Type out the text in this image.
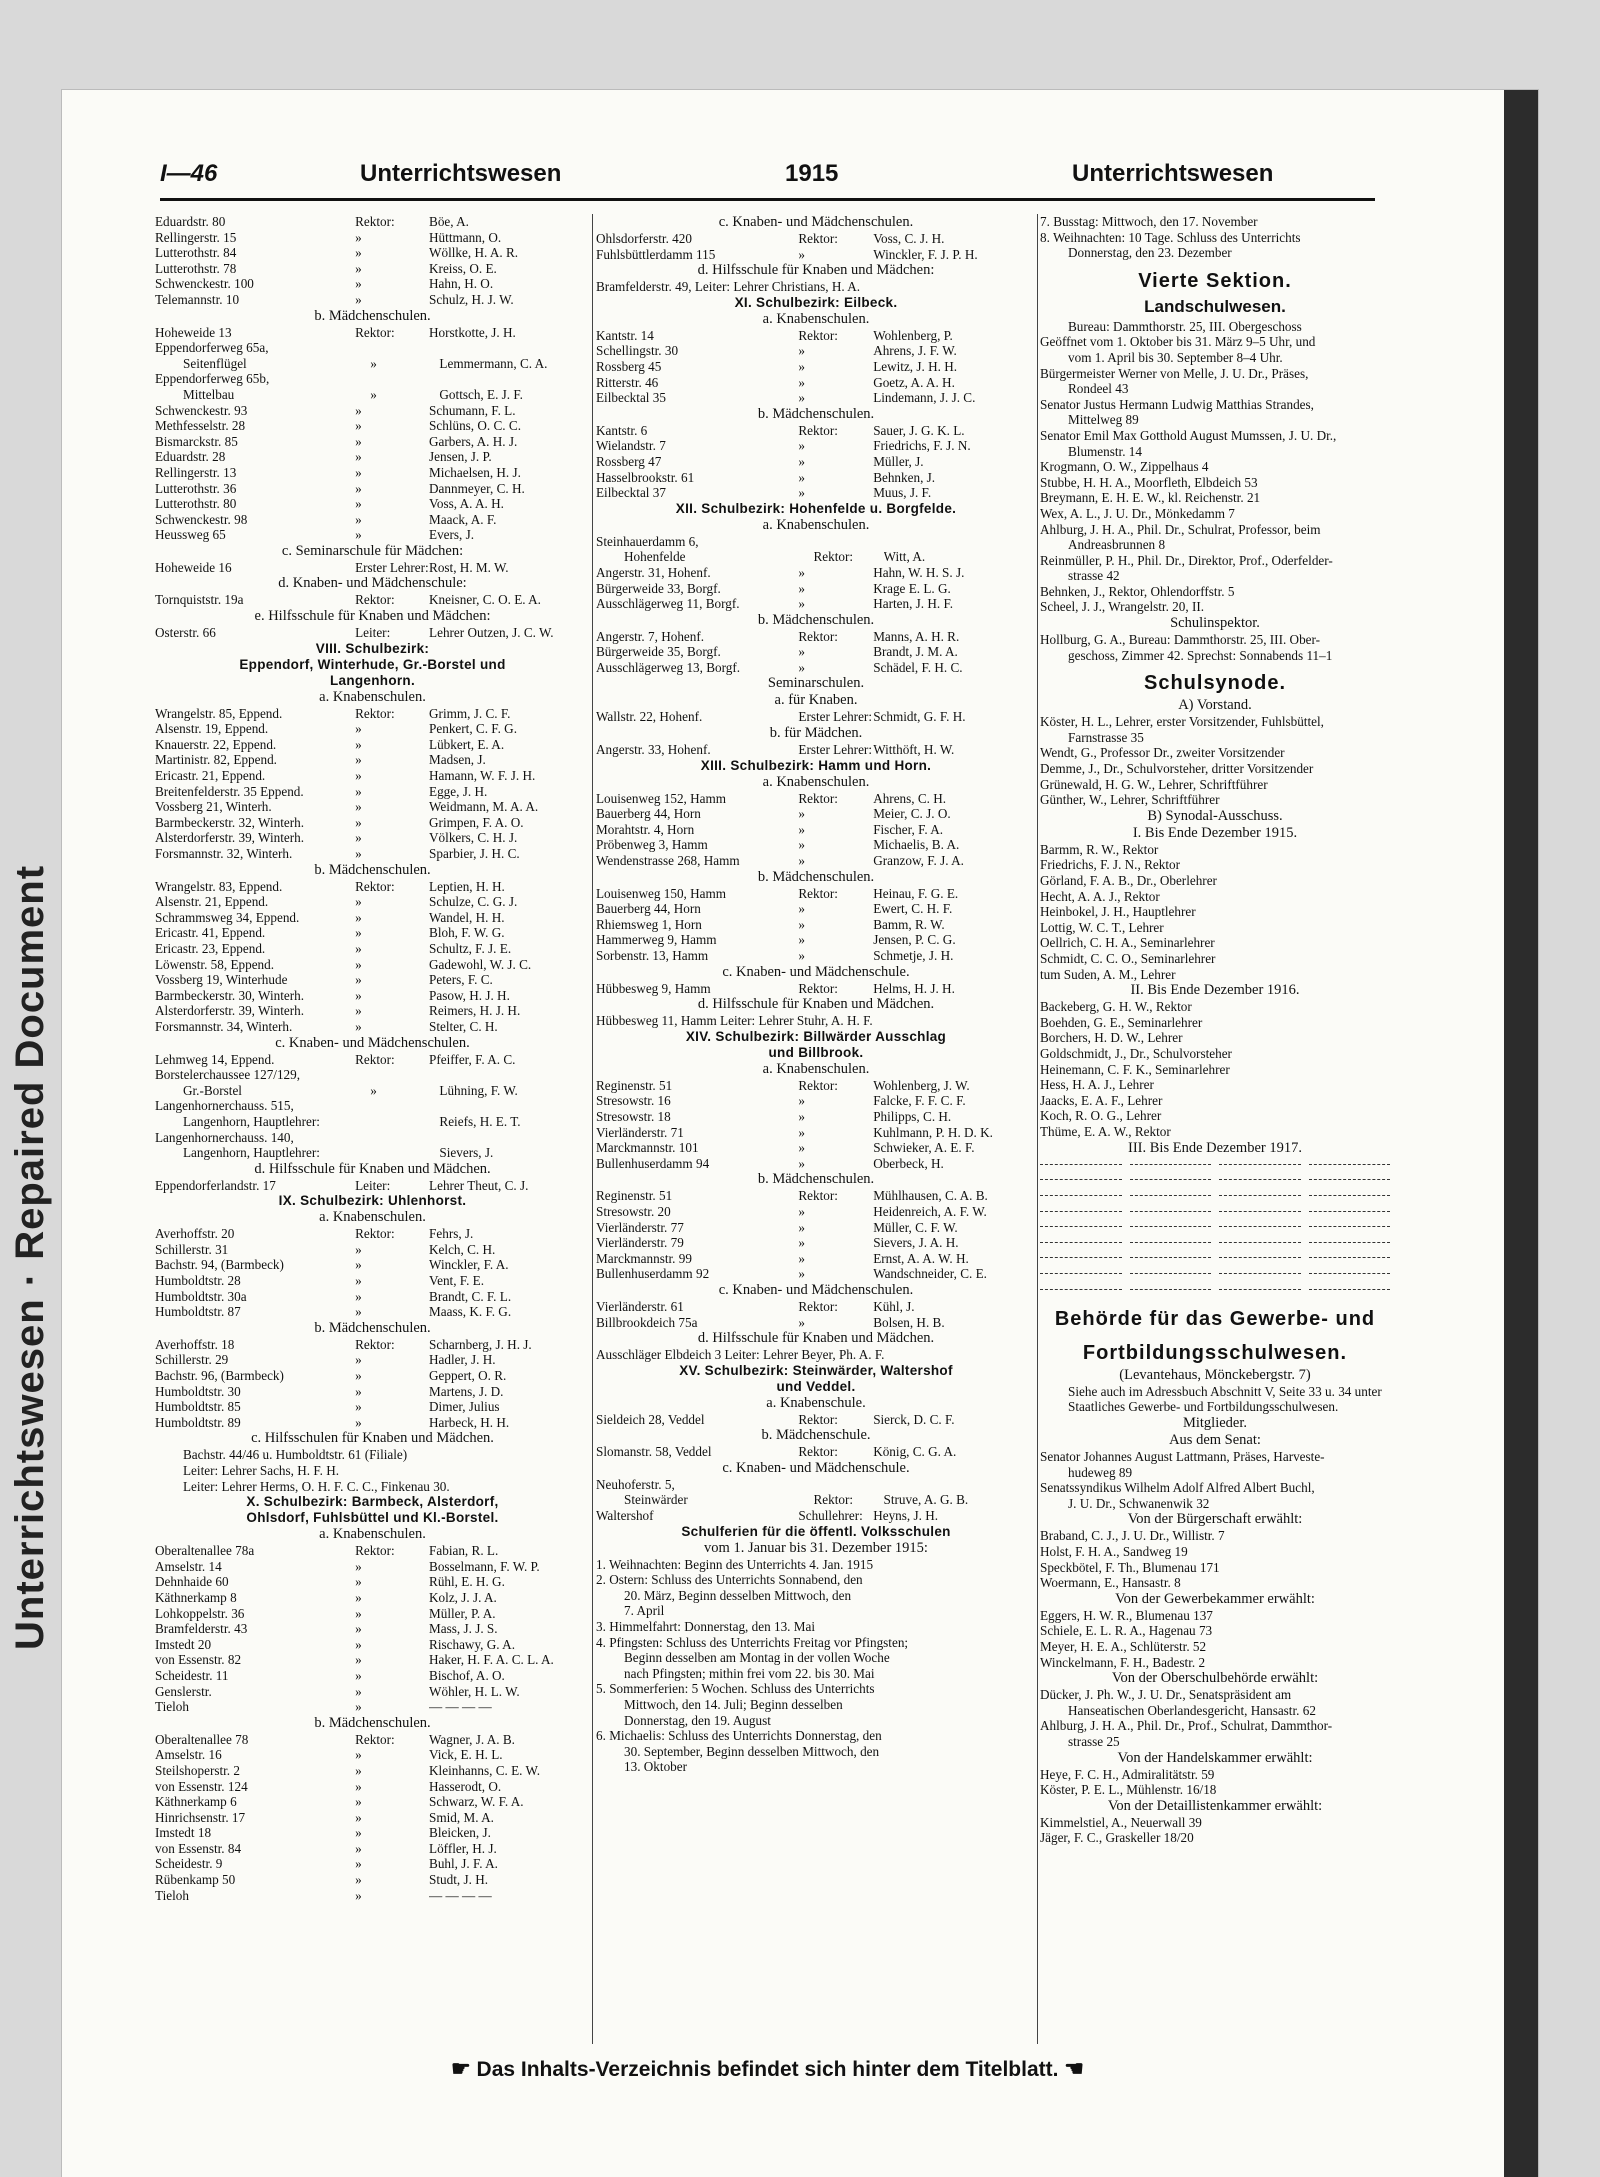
Unterrichtswesen · Repaired Document
I—46	Unterrichtswesen	1915	Unterrichtswesen
Eduardstr. 80	Rektor:	Böe, A.
Rellingerstr. 15	»	Hüttmann, O.
Lutterothstr. 84	»	Wöllke, H. A. R.
Lutterothstr. 78	»	Kreiss, O. E.
Schwenckestr. 100	»	Hahn, H. O.
Telemannstr. 10	»	Schulz, H. J. W.
b. Mädchenschulen.
Hoheweide 13	Rektor:	Horstkotte, J. H.
Eppendorferweg 65a,
Seitenflügel	»	Lemmermann, C. A.
Eppendorferweg 65b,
Mittelbau	»	Gottsch, E. J. F.
Schwenckestr. 93	»	Schumann, F. L.
Methfesselstr. 28	»	Schlüns, O. C. C.
Bismarckstr. 85	»	Garbers, A. H. J.
Eduardstr. 28	»	Jensen, J. P.
Rellingerstr. 13	»	Michaelsen, H. J.
Lutterothstr. 36	»	Dannmeyer, C. H.
Lutterothstr. 80	»	Voss, A. A. H.
Schwenckestr. 98	»	Maack, A. F.
Heussweg 65	»	Evers, J.
c. Seminarschule für Mädchen:
Hoheweide 16	Erster Lehrer: Rost, H. M. W.
d. Knaben- und Mädchenschule:
Tornquiststr. 19a	Rektor:	Kneisner, C. O. E. A.
e. Hilfsschule für Knaben und Mädchen:
Osterstr. 66	Leiter:	Lehrer Outzen, J. C. W.
VIII. Schulbezirk:
Eppendorf, Winterhude, Gr.-Borstel und
Langenhorn.
a. Knabenschulen.
Wrangelstr. 85, Eppend.	Rektor:	Grimm, J. C. F.
Alsenstr. 19, Eppend.	»	Penkert, C. F. G.
Knauerstr. 22, Eppend.	»	Lübkert, E. A.
Martinistr. 82, Eppend.	»	Madsen, J.
Ericastr. 21, Eppend.	»	Hamann, W. F. J. H.
Breitenfelderstr. 35 Eppend.	»	Egge, J. H.
Vossberg 21, Winterh.	»	Weidmann, M. A. A.
Barmbeckerstr. 32, Winterh.	»	Grimpen, F. A. O.
Alsterdorferstr. 39, Winterh.	»	Völkers, C. H. J.
Forsmannstr. 32, Winterh.	»	Sparbier, J. H. C.
b. Mädchenschulen.
Wrangelstr. 83, Eppend.	Rektor:	Leptien, H. H.
Alsenstr. 21, Eppend.	»	Schulze, C. G. J.
Schrammsweg 34, Eppend.	»	Wandel, H. H.
Ericastr. 41, Eppend.	»	Bloh, F. W. G.
Ericastr. 23, Eppend.	»	Schultz, F. J. E.
Löwenstr. 58, Eppend.	»	Gadewohl, W. J. C.
Vossberg 19, Winterhude	»	Peters, F. C.
Barmbeckerstr. 30, Winterh.	»	Pasow, H. J. H.
Alsterdorferstr. 39, Winterh.	»	Reimers, H. J. H.
Forsmannstr. 34, Winterh.	»	Stelter, C. H.
c. Knaben- und Mädchenschulen.
Lehmweg 14, Eppend.	Rektor:	Pfeiffer, F. A. C.
Borstelerchaussee 127/129,
Gr.-Borstel	»	Lühning, F. W.
Langenhornerchauss. 515,
Langenhorn, Hauptlehrer:	Reiefs, H. E. T.
Langenhornerchauss. 140,
Langenhorn, Hauptlehrer:	Sievers, J.
d. Hilfsschule für Knaben und Mädchen.
Eppendorferlandstr. 17	Leiter:	Lehrer Theut, C. J.
IX. Schulbezirk: Uhlenhorst.
a. Knabenschulen.
Averhoffstr. 20	Rektor:	Fehrs, J.
Schillerstr. 31	»	Kelch, C. H.
Bachstr. 94, (Barmbeck)	»	Winckler, F. A.
Humboldtstr. 28	»	Vent, F. E.
Humboldtstr. 30a	»	Brandt, C. F. L.
Humboldtstr. 87	»	Maass, K. F. G.
b. Mädchenschulen.
Averhoffstr. 18	Rektor:	Scharnberg, J. H. J.
Schillerstr. 29	»	Hadler, J. H.
Bachstr. 96, (Barmbeck)	»	Geppert, O. R.
Humboldtstr. 30	»	Martens, J. D.
Humboldtstr. 85	»	Dimer, Julius
Humboldtstr. 89	»	Harbeck, H. H.
c. Hilfsschulen für Knaben und Mädchen.
Bachstr. 44/46 u. Humboldtstr. 61 (Filiale)
Leiter: Lehrer Sachs, H. F. H.
Leiter: Lehrer Herms, O. H. F. C. C., Finkenau 30.
X. Schulbezirk: Barmbeck, Alsterdorf,
Ohlsdorf, Fuhlsbüttel und Kl.-Borstel.
a. Knabenschulen.
Oberaltenallee 78a	Rektor:	Fabian, R. L.
Amselstr. 14	»	Bosselmann, F. W. P.
Dehnhaide 60	»	Rühl, E. H. G.
Käthnerkamp 8	»	Kolz, J. J. A.
Lohkoppelstr. 36	»	Müller, P. A.
Bramfelderstr. 43	»	Mass, J. J. S.
Imstedt 20	»	Rischawy, G. A.
von Essenstr. 82	»	Haker, H. F. A. C. L. A.
Scheidestr. 11	»	Bischof, A. O.
Genslerstr.	»	Wöhler, H. L. W.
Tieloh	»	— — — —
b. Mädchenschulen.
Oberaltenallee 78	Rektor:	Wagner, J. A. B.
Amselstr. 16	»	Vick, E. H. L.
Steilshoperstr. 2	»	Kleinhanns, C. E. W.
von Essenstr. 124	»	Hasserodt, O.
Käthnerkamp 6	»	Schwarz, W. F. A.
Hinrichsenstr. 17	»	Smid, M. A.
Imstedt 18	»	Bleicken, J.
von Essenstr. 84	»	Löffler, H. J.
Scheidestr. 9	»	Buhl, J. F. A.
Rübenkamp 50	»	Studt, J. H.
Tieloh	»	— — — —
c. Knaben- und Mädchenschulen.
Ohlsdorferstr. 420	Rektor:	Voss, C. J. H.
Fuhlsbüttlerdamm 115	»	Winckler, F. J. P. H.
d. Hilfsschule für Knaben und Mädchen:
Bramfelderstr. 49, Leiter: Lehrer Christians, H. A.
XI. Schulbezirk: Eilbeck.
a. Knabenschulen.
Kantstr. 14	Rektor:	Wohlenberg, P.
Schellingstr. 30	»	Ahrens, J. F. W.
Rossberg 45	»	Lewitz, J. H. H.
Ritterstr. 46	»	Goetz, A. A. H.
Eilbecktal 35	»	Lindemann, J. J. C.
b. Mädchenschulen.
Kantstr. 6	Rektor:	Sauer, J. G. K. L.
Wielandstr. 7	»	Friedrichs, F. J. N.
Rossberg 47	»	Müller, J.
Hasselbrookstr. 61	»	Behnken, J.
Eilbecktal 37	»	Muus, J. F.
XII. Schulbezirk: Hohenfelde u. Borgfelde.
a. Knabenschulen.
Steinhauerdamm 6,
Hohenfelde	Rektor:	Witt, A.
Angerstr. 31, Hohenf.	»	Hahn, W. H. S. J.
Bürgerweide 33, Borgf.	»	Krage E. L. G.
Ausschlägerweg 11, Borgf.	»	Harten, J. H. F.
b. Mädchenschulen.
Angerstr. 7, Hohenf.	Rektor:	Manns, A. H. R.
Bürgerweide 35, Borgf.	»	Brandt, J. M. A.
Ausschlägerweg 13, Borgf.	»	Schädel, F. H. C.
Seminarschulen.
a. für Knaben.
Wallstr. 22, Hohenf.	Erster Lehrer: Schmidt, G. F. H.
b. für Mädchen.
Angerstr. 33, Hohenf.	Erster Lehrer: Witthöft, H. W.
XIII. Schulbezirk: Hamm und Horn.
a. Knabenschulen.
Louisenweg 152, Hamm	Rektor:	Ahrens, C. H.
Bauerberg 44, Horn	»	Meier, C. J. O.
Morahtstr. 4, Horn	»	Fischer, F. A.
Pröbenweg 3, Hamm	»	Michaelis, B. A.
Wendenstrasse 268, Hamm	»	Granzow, F. J. A.
b. Mädchenschulen.
Louisenweg 150, Hamm	Rektor:	Heinau, F. G. E.
Bauerberg 44, Horn	»	Ewert, C. H. F.
Rhiemsweg 1, Horn	»	Bamm, R. W.
Hammerweg 9, Hamm	»	Jensen, P. C. G.
Sorbenstr. 13, Hamm	»	Schmetje, J. H.
c. Knaben- und Mädchenschule.
Hübbesweg 9, Hamm	Rektor:	Helms, H. J. H.
d. Hilfsschule für Knaben und Mädchen.
Hübbesweg 11, Hamm Leiter: Lehrer Stuhr, A. H. F.
XIV. Schulbezirk: Billwärder Ausschlag
und Billbrook.
a. Knabenschulen.
Reginenstr. 51	Rektor:	Wohlenberg, J. W.
Stresowstr. 16	»	Falcke, F. F. C. F.
Stresowstr. 18	»	Philipps, C. H.
Vierländerstr. 71	»	Kuhlmann, P. H. D. K.
Marckmannstr. 101	»	Schwieker, A. E. F.
Bullenhuserdamm 94	»	Oberbeck, H.
b. Mädchenschulen.
Reginenstr. 51	Rektor:	Mühlhausen, C. A. B.
Stresowstr. 20	»	Heidenreich, A. F. W.
Vierländerstr. 77	»	Müller, C. F. W.
Vierländerstr. 79	»	Sievers, J. A. H.
Marckmannstr. 99	»	Ernst, A. A. W. H.
Bullenhuserdamm 92	»	Wandschneider, C. E.
c. Knaben- und Mädchenschulen.
Vierländerstr. 61	Rektor:	Kühl, J.
Billbrookdeich 75a	»	Bolsen, H. B.
d. Hilfsschule für Knaben und Mädchen.
Ausschläger Elbdeich 3 Leiter: Lehrer Beyer, Ph. A. F.
XV. Schulbezirk: Steinwärder, Waltershof
und Veddel.
a. Knabenschule.
Sieldeich 28, Veddel	Rektor:	Sierck, D. C. F.
b. Mädchenschule.
Slomanstr. 58, Veddel	Rektor:	König, C. G. A.
c. Knaben- und Mädchenschule.
Neuhoferstr. 5,
Steinwärder	Rektor:	Struve, A. G. B.
Waltershof	Schullehrer: Heyns, J. H.
Schulferien für die öffentl. Volksschulen
vom 1. Januar bis 31. Dezember 1915:
1. Weihnachten: Beginn des Unterrichts 4. Jan. 1915
2. Ostern: Schluss des Unterrichts Sonnabend, den
20. März, Beginn desselben Mittwoch, den
7. April
3. Himmelfahrt: Donnerstag, den 13. Mai
4. Pfingsten: Schluss des Unterrichts Freitag vor Pfingsten;
Beginn desselben am Montag in der vollen Woche
nach Pfingsten; mithin frei vom 22. bis 30. Mai
5. Sommerferien: 5 Wochen. Schluss des Unterrichts
Mittwoch, den 14. Juli; Beginn desselben
Donnerstag, den 19. August
6. Michaelis: Schluss des Unterrichts Donnerstag, den
30. September, Beginn desselben Mittwoch, den
13. Oktober
7. Busstag: Mittwoch, den 17. November
8. Weihnachten: 10 Tage. Schluss des Unterrichts
Donnerstag, den 23. Dezember
Vierte Sektion.
Landschulwesen.
Bureau: Dammthorstr. 25, III. Obergeschoss
Geöffnet vom 1. Oktober bis 31. März 9–5 Uhr, und
vom 1. April bis 30. September 8–4 Uhr.
Bürgermeister Werner von Melle, J. U. Dr., Präses,
Rondeel 43
Senator Justus Hermann Ludwig Matthias Strandes,
Mittelweg 89
Senator Emil Max Gotthold August Mumssen, J. U. Dr.,
Blumenstr. 14
Krogmann, O. W., Zippelhaus 4
Stubbe, H. H. A., Moorfleth, Elbdeich 53
Breymann, E. H. E. W., kl. Reichenstr. 21
Wex, A. L., J. U. Dr., Mönkedamm 7
Ahlburg, J. H. A., Phil. Dr., Schulrat, Professor, beim
Andreasbrunnen 8
Reinmüller, P. H., Phil. Dr., Direktor, Prof., Oderfelder-
strasse 42
Behnken, J., Rektor, Ohlendorffstr. 5
Scheel, J. J., Wrangelstr. 20, II.
Schulinspektor.
Hollburg, G. A., Bureau: Dammthorstr. 25, III. Ober-
geschoss, Zimmer 42. Sprechst: Sonnabends 11–1
Schulsynode.
A) Vorstand.
Köster, H. L., Lehrer, erster Vorsitzender, Fuhlsbüttel,
Farnstrasse 35
Wendt, G., Professor Dr., zweiter Vorsitzender
Demme, J., Dr., Schulvorsteher, dritter Vorsitzender
Grünewald, H. G. W., Lehrer, Schriftführer
Günther, W., Lehrer, Schriftführer
B) Synodal-Ausschuss.
I. Bis Ende Dezember 1915.
Barmm, R. W., Rektor
Friedrichs, F. J. N., Rektor
Görland, F. A. B., Dr., Oberlehrer
Hecht, A. A. J., Rektor
Heinbokel, J. H., Hauptlehrer
Lottig, W. C. T., Lehrer
Oellrich, C. H. A., Seminarlehrer
Schmidt, C. C. O., Seminarlehrer
tum Suden, A. M., Lehrer
II. Bis Ende Dezember 1916.
Backeberg, G. H. W., Rektor
Boehden, G. E., Seminarlehrer
Borchers, H. D. W., Lehrer
Goldschmidt, J., Dr., Schulvorsteher
Heinemann, C. F. K., Seminarlehrer
Hess, H. A. J., Lehrer
Jaacks, E. A. F., Lehrer
Koch, R. O. G., Lehrer
Thüme, E. A. W., Rektor
III. Bis Ende Dezember 1917.
Behörde für das Gewerbe- und
Fortbildungsschulwesen.
(Levantehaus, Mönckebergstr. 7)
Siehe auch im Adressbuch Abschnitt V, Seite 33 u. 34 unter
Staatliches Gewerbe- und Fortbildungsschulwesen.
Mitglieder.
Aus dem Senat:
Senator Johannes August Lattmann, Präses, Harveste-
hudeweg 89
Senatssyndikus Wilhelm Adolf Alfred Albert Buchl,
J. U. Dr., Schwanenwik 32
Von der Bürgerschaft erwählt:
Braband, C. J., J. U. Dr., Willistr. 7
Holst, F. H. A., Sandweg 19
Speckbötel, F. Th., Blumenau 171
Woermann, E., Hansastr. 8
Von der Gewerbekammer erwählt:
Eggers, H. W. R., Blumenau 137
Schiele, E. L. R. A., Hagenau 73
Meyer, H. E. A., Schlüterstr. 52
Winckelmann, F. H., Badestr. 2
Von der Oberschulbehörde erwählt:
Dücker, J. Ph. W., J. U. Dr., Senatspräsident am
Hanseatischen Oberlandesgericht, Hansastr. 62
Ahlburg, J. H. A., Phil. Dr., Prof., Schulrat, Dammthor-
strasse 25
Von der Handelskammer erwählt:
Heye, F. C. H., Admiralitätstr. 59
Köster, P. E. L., Mühlenstr. 16/18
Von der Detaillistenkammer erwählt:
Kimmelstiel, A., Neuerwall 39
Jäger, F. C., Graskeller 18/20
☛ Das Inhalts-Verzeichnis befindet sich hinter dem Titelblatt. ☚
